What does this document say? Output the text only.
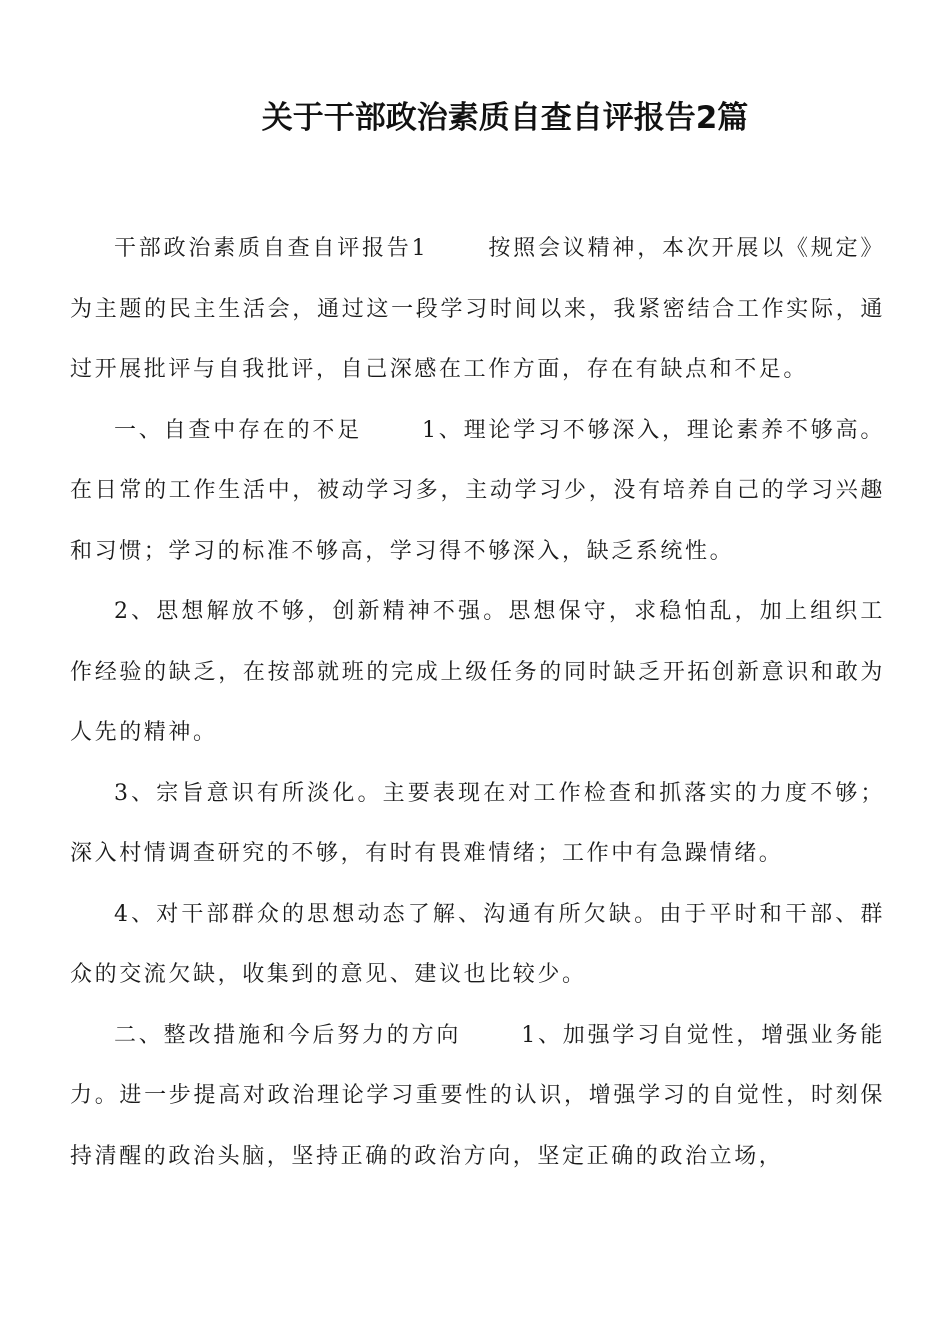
关于干部政治素质自查自评报告2篇

干部政治素质自查自评报告1	按照会议精神，本次开展以《规定》为主题的民主生活会，通过这一段学习时间以来，我紧密结合工作实际，通过开展批评与自我批评，自己深感在工作方面，存在有缺点和不足。

一、自查中存在的不足	1、理论学习不够深入，理论素养不够高。在日常的工作生活中，被动学习多，主动学习少，没有培养自己的学习兴趣和习惯；学习的标准不够高，学习得不够深入，缺乏系统性。

2、思想解放不够，创新精神不强。思想保守，求稳怕乱，加上组织工作经验的缺乏，在按部就班的完成上级任务的同时缺乏开拓创新意识和敢为人先的精神。

3、宗旨意识有所淡化。主要表现在对工作检查和抓落实的力度不够；深入村情调查研究的不够，有时有畏难情绪；工作中有急躁情绪。

4、对干部群众的思想动态了解、沟通有所欠缺。由于平时和干部、群众的交流欠缺，收集到的意见、建议也比较少。

二、整改措施和今后努力的方向	1、加强学习自觉性，增强业务能力。进一步提高对政治理论学习重要性的认识，增强学习的自觉性，时刻保持清醒的政治头脑，坚持正确的政治方向，坚定正确的政治立场，
